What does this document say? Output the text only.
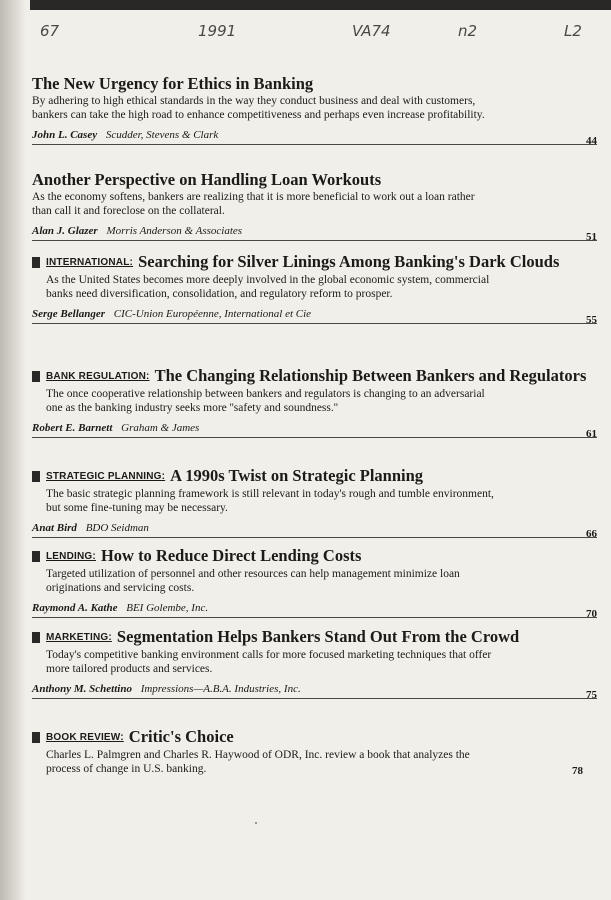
67	1991	VA74	n2	L2
The New Urgency for Ethics in Banking

By adhering to high ethical standards in the way they conduct business and deal with customers, bankers can take the high road to enhance competitiveness and perhaps even increase profitability.

John L. Casey Scudder, Stevens & Clark	44
Another Perspective on Handling Loan Workouts

As the economy softens, bankers are realizing that it is more beneficial to work out a loan rather than call it and foreclose on the collateral.

Alan J. Glazer Morris Anderson & Associates	51
INTERNATIONAL: Searching for Silver Linings Among Banking's Dark Clouds

As the United States becomes more deeply involved in the global economic system, commercial banks need diversification, consolidation, and regulatory reform to prosper.

Serge Bellanger CIC-Union Européenne, International et Cie	55
BANK REGULATION: The Changing Relationship Between Bankers and Regulators

The once cooperative relationship between bankers and regulators is changing to an adversarial one as the banking industry seeks more ''safety and soundness.''

Robert E. Barnett Graham & James	61
STRATEGIC PLANNING: A 1990s Twist on Strategic Planning

The basic strategic planning framework is still relevant in today's rough and tumble environment, but some fine-tuning may be necessary.

Anat Bird BDO Seidman	66
LENDING: How to Reduce Direct Lending Costs

Targeted utilization of personnel and other resources can help management minimize loan originations and servicing costs.

Raymond A. Kathe BEI Golembe, Inc.	70
MARKETING: Segmentation Helps Bankers Stand Out From the Crowd

Today's competitive banking environment calls for more focused marketing techniques that offer more tailored products and services.

Anthony M. Schettino Impressions—A.B.A. Industries, Inc.	75
BOOK REVIEW: Critic's Choice

Charles L. Palmgren and Charles R. Haywood of ODR, Inc. review a book that analyzes the process of change in U.S. banking.	78
